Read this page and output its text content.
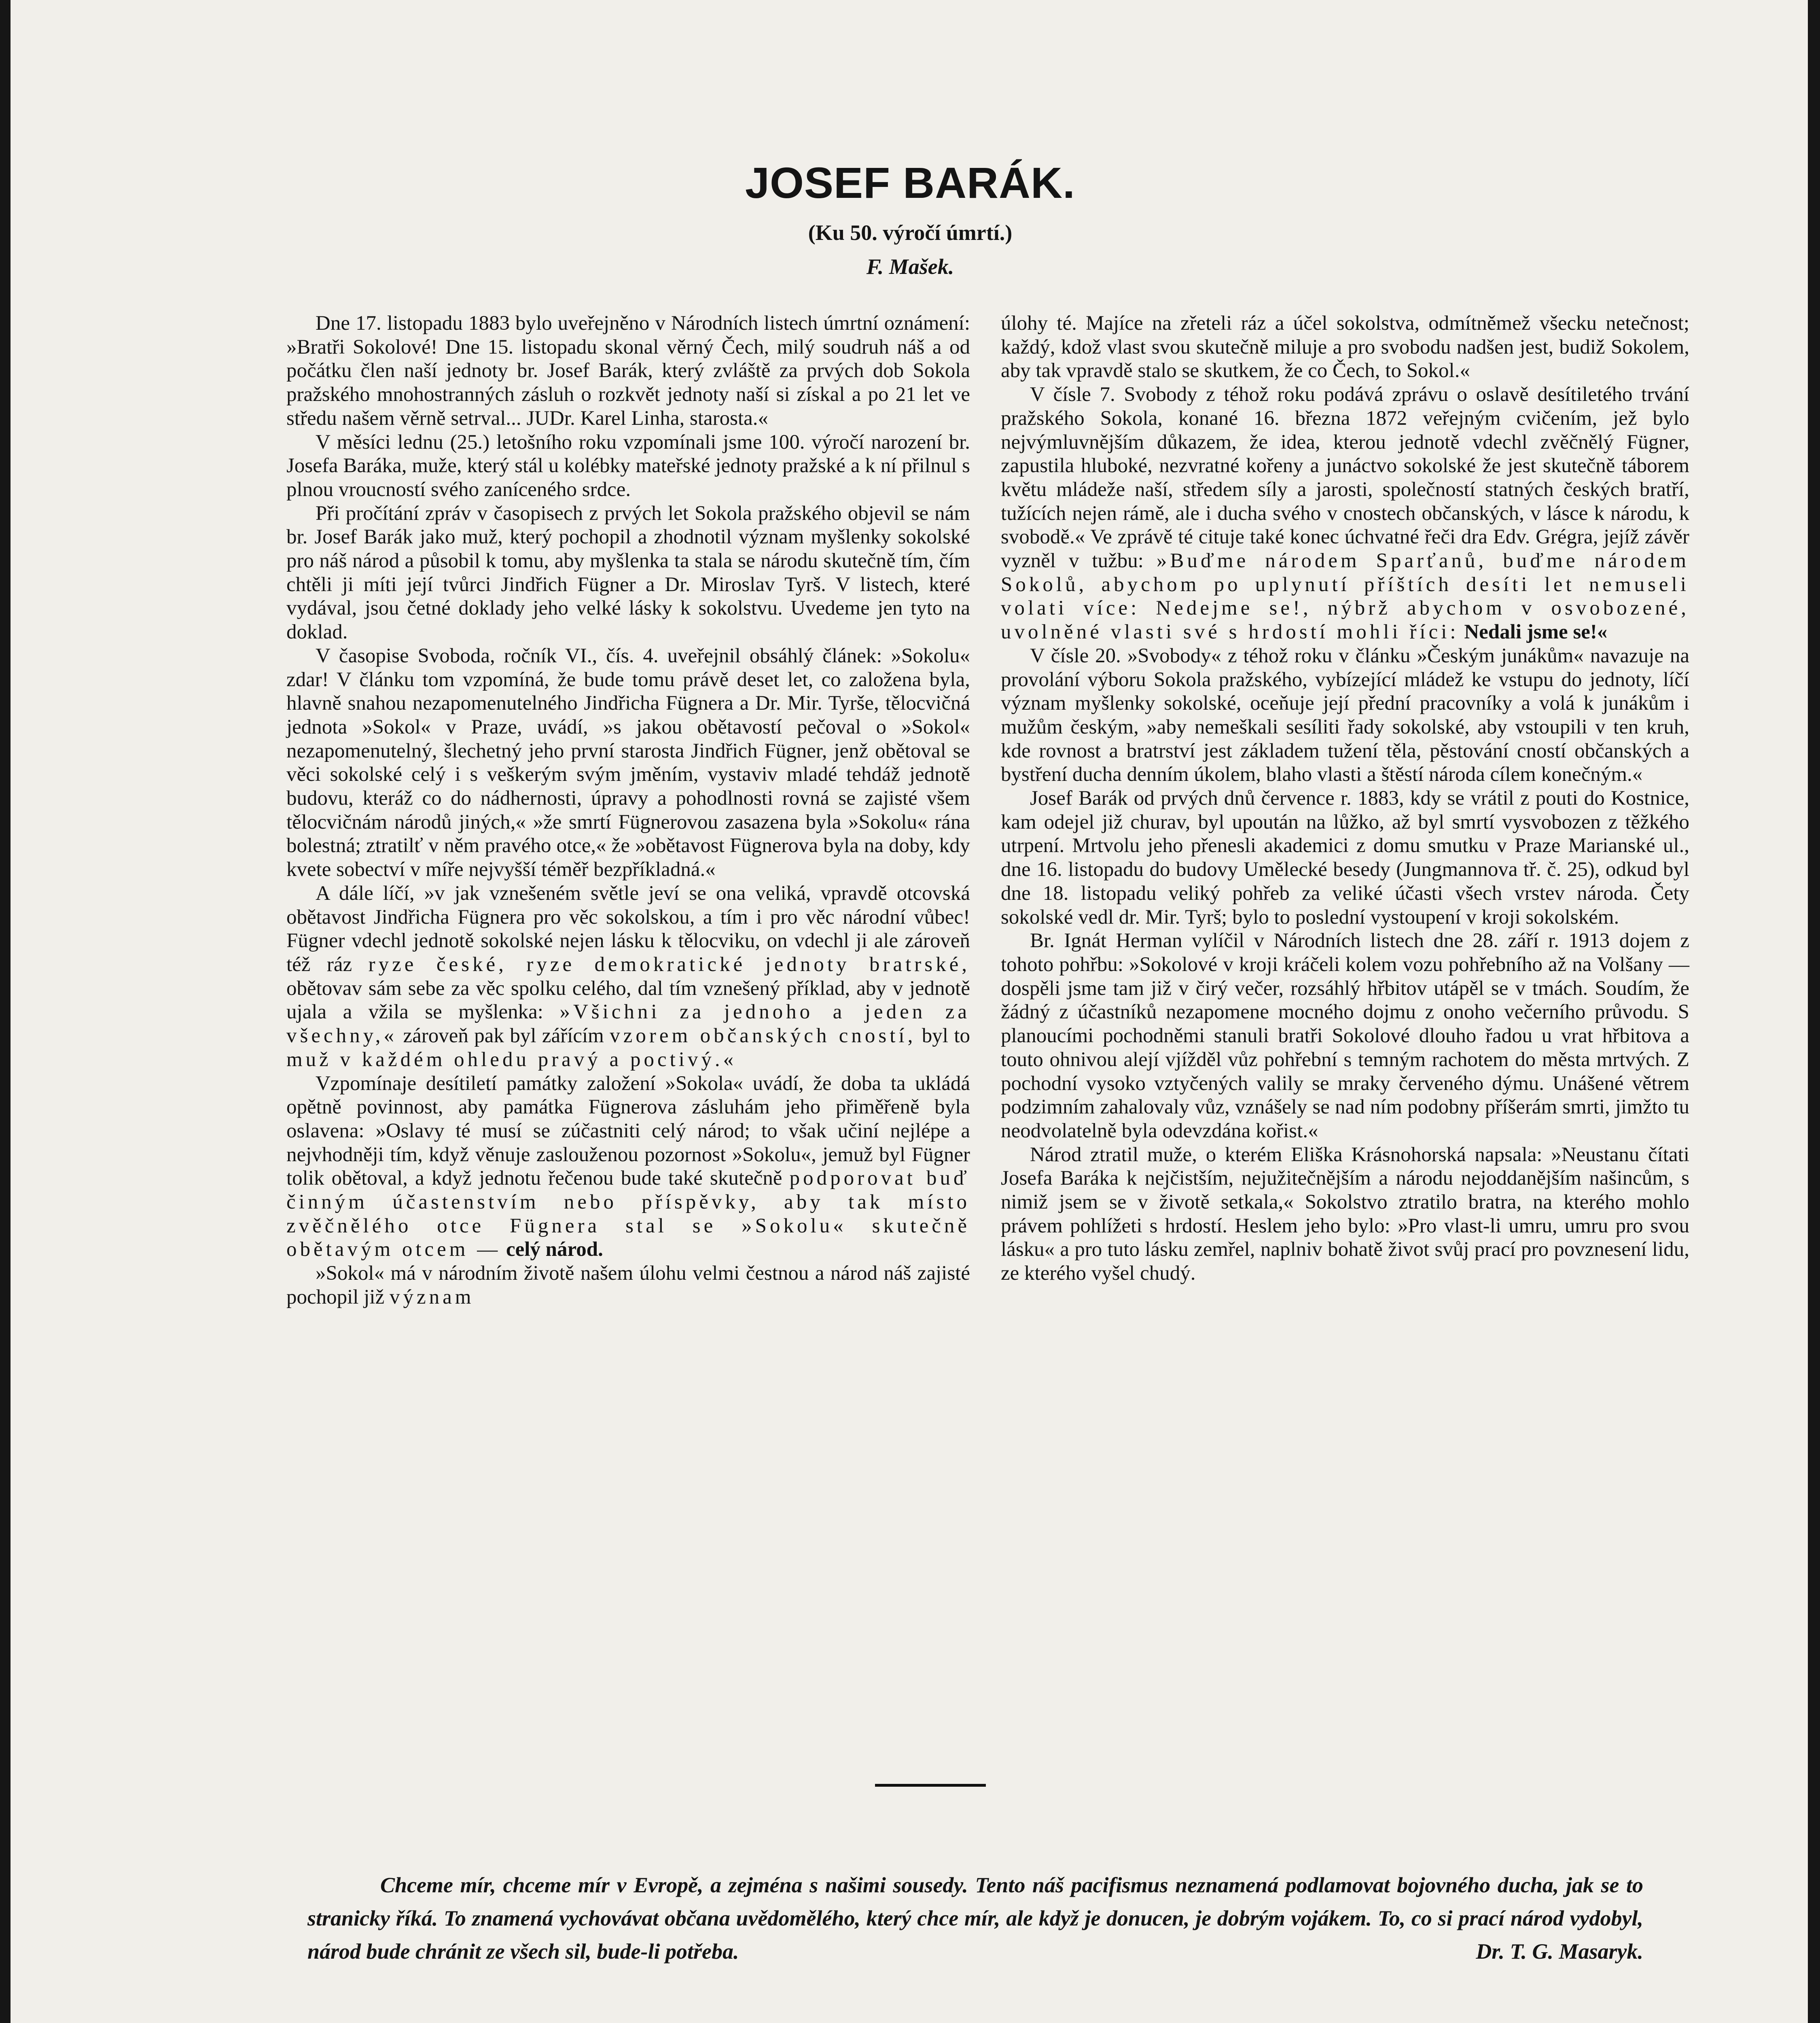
JOSEF BARÁK.
(Ku 50. výročí úmrtí.)
F. Mašek.

Dne 17. listopadu 1883 bylo uveřejněno v Národních listech úmrtní oznámení: »Bratři Sokolové! Dne 15. listopadu skonal věrný Čech, milý soudruh náš a od počátku člen naší jednoty br. Josef Barák, který zvláště za prvých dob Sokola pražského mnohostranných zásluh o rozkvět jednoty naší si získal a po 21 let ve středu našem věrně setrval... JUDr. Karel Linha, starosta.«

V měsíci lednu (25.) letošního roku vzpomínali jsme 100. výročí narození br. Josefa Baráka, muže, který stál u kolébky mateřské jednoty pražské a k ní přilnul s plnou vroucností svého zaníceného srdce.

Při pročítání zpráv v časopisech z prvých let Sokola pražského objevil se nám br. Josef Barák jako muž, který pochopil a zhodnotil význam myšlenky sokolské pro náš národ a působil k tomu, aby myšlenka ta stala se národu skutečně tím, čím chtěli ji míti její tvůrci Jindřich Fügner a Dr. Miroslav Tyrš. V listech, které vydával, jsou četné doklady jeho velké lásky k sokolstvu. Uvedeme jen tyto na doklad.

V časopise Svoboda, ročník VI., čís. 4. uveřejnil obsáhlý článek: »Sokolu« zdar! V článku tom vzpomíná, že bude tomu právě deset let, co založena byla, hlavně snahou nezapomenutelného Jindřicha Fügnera a Dr. Mir. Tyrše, tělocvičná jednota »Sokol« v Praze, uvádí, »s jakou obětavostí pečoval o »Sokol« nezapomenutelný, šlechetný jeho první starosta Jindřich Fügner, jenž obětoval se věci sokolské celý i s veškerým svým jměním, vystaviv mladé tehdáž jednotě budovu, kteráž co do nádhernosti, úpravy a pohodlnosti rovná se zajisté všem tělocvičnám národů jiných,« »že smrtí Fügnerovou zasazena byla »Sokolu« rána bolestná; ztratilť v něm pravého otce,« že »obětavost Fügnerova byla na doby, kdy kvete sobectví v míře nejvyšší téměř bezpříkladná.«

A dále líčí, »v jak vznešeném světle jeví se ona veliká, vpravdě otcovská obětavost Jindřicha Fügnera pro věc sokolskou, a tím i pro věc národní vůbec! Fügner vdechl jednotě sokolské nejen lásku k tělocviku, on vdechl ji ale zároveň též ráz ryze české, ryze demokratické jednoty bratrské, obětovav sám sebe za věc spolku celého, dal tím vznešený příklad, aby v jednotě ujala a vžila se myšlenka: »Všichni za jednoho a jeden za všechny,« zároveň pak byl zářícím vzorem občanských cností, byl to muž v každém ohledu pravý a poctivý.«

Vzpomínaje desítiletí památky založení »Sokola« uvádí, že doba ta ukládá opětně povinnost, aby památka Fügnerova zásluhám jeho přiměřeně byla oslavena: »Oslavy té musí se zúčastniti celý národ; to však učiní nejlépe a nejvhodněji tím, když věnuje zaslouženou pozornost »Sokolu«, jemuž byl Fügner tolik obětoval, a když jednotu řečenou bude také skutečně podporovat buď činným účastenstvím nebo příspěvky, aby tak místo zvěčnělého otce Fügnera stal se »Sokolu« skutečně obětavým otcem — celý národ.

»Sokol« má v národním životě našem úlohu velmi čestnou a národ náš zajisté pochopil již význam

úlohy té. Majíce na zřeteli ráz a účel sokolstva, odmítněmež všecku netečnost; každý, kdož vlast svou skutečně miluje a pro svobodu nadšen jest, budiž Sokolem, aby tak vpravdě stalo se skutkem, že co Čech, to Sokol.«

V čísle 7. Svobody z téhož roku podává zprávu o oslavě desítiletého trvání pražského Sokola, konané 16. března 1872 veřejným cvičením, jež bylo nejvýmluvnějším důkazem, že idea, kterou jednotě vdechl zvěčnělý Fügner, zapustila hluboké, nezvratné kořeny a junáctvo sokolské že jest skutečně táborem květu mládeže naší, středem síly a jarosti, společností statných českých bratří, tužících nejen rámě, ale i ducha svého v cnostech občanských, v lásce k národu, k svobodě.« Ve zprávě té cituje také konec úchvatné řeči dra Edv. Grégra, jejíž závěr vyzněl v tužbu: »Buďme národem Sparťanů, buďme národem Sokolů, abychom po uplynutí příštích desíti let nemuseli volati více: Nedejme se!, nýbrž abychom v osvobozené, uvolněné vlasti své s hrdostí mohli říci: Nedali jsme se!«

V čísle 20. »Svobody« z téhož roku v článku »Českým junákům« navazuje na provolání výboru Sokola pražského, vybízející mládež ke vstupu do jednoty, líčí význam myšlenky sokolské, oceňuje její přední pracovníky a volá k junákům i mužům českým, »aby nemeškali sesíliti řady sokolské, aby vstoupili v ten kruh, kde rovnost a bratrství jest základem tužení těla, pěstování cností občanských a bystření ducha denním úkolem, blaho vlasti a štěstí národa cílem konečným.«

Josef Barák od prvých dnů července r. 1883, kdy se vrátil z pouti do Kostnice, kam odejel již churav, byl upoután na lůžko, až byl smrtí vysvobozen z těžkého utrpení. Mrtvolu jeho přenesli akademici z domu smutku v Praze Marianské ul., dne 16. listopadu do budovy Umělecké besedy (Jungmannova tř. č. 25), odkud byl dne 18. listopadu veliký pohřeb za veliké účasti všech vrstev národa. Čety sokolské vedl dr. Mir. Tyrš; bylo to poslední vystoupení v kroji sokolském.

Br. Ignát Herman vylíčil v Národních listech dne 28. září r. 1913 dojem z tohoto pohřbu: »Sokolové v kroji kráčeli kolem vozu pohřebního až na Volšany — dospěli jsme tam již v čirý večer, rozsáhlý hřbitov utápěl se v tmách. Soudím, že žádný z účastníků nezapomene mocného dojmu z onoho večerního průvodu. S planoucími pochodněmi stanuli bratři Sokolové dlouho řadou u vrat hřbitova a touto ohnivou alejí vjížděl vůz pohřební s temným rachotem do města mrtvých. Z pochodní vysoko vztyčených valily se mraky červeného dýmu. Unášené větrem podzimním zahalovaly vůz, vznášely se nad ním podobny příšerám smrti, jimžto tu neodvolatelně byla odevzdána kořist.«

Národ ztratil muže, o kterém Eliška Krásnohorská napsala: »Neustanu čítati Josefa Baráka k nejčistším, nejužitečnějším a národu nejoddanějším našincům, s nimiž jsem se v životě setkala,« Sokolstvo ztratilo bratra, na kterého mohlo právem pohlížeti s hrdostí. Heslem jeho bylo: »Pro vlast-li umru, umru pro svou lásku« a pro tuto lásku zemřel, naplniv bohatě život svůj prací pro povznesení lidu, ze kterého vyšel chudý.

Chceme mír, chceme mír v Evropě, a zejména s našimi sousedy. Tento náš pacifismus neznamená podlamovat bojovného ducha, jak se to stranicky říká. To znamená vychovávat občana uvědomělého, který chce mír, ale když je donucen, je dobrým vojákem. To, co si prací národ vydobyl, národ bude chránit ze všech sil, bude-li potřeba.	Dr. T. G. Masaryk.
